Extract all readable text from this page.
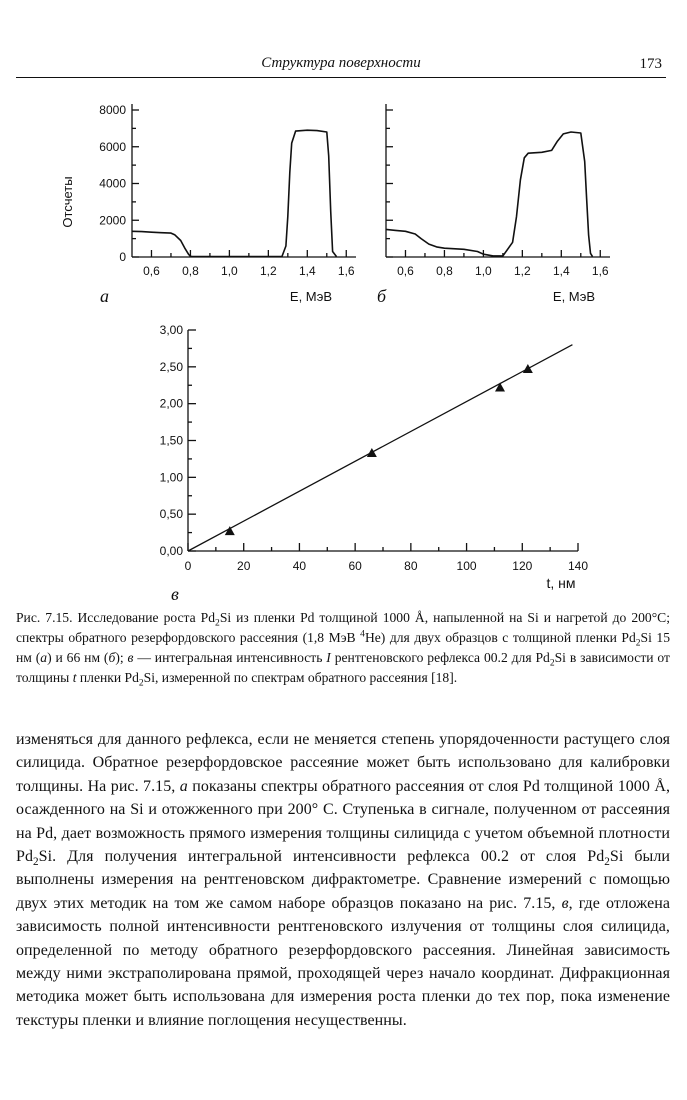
Структура поверхности	173
Отсчеты
0
2000
4000
6000
8000
0,6 0,8 1,0 1,2 1,4 1,6
E, МэВ
а
0,6 0,8 1,0 1,2 1,4 1,6
E, МэВ
б
0	20	40	60	80	100	120	140
0,00
0,50
1,00
1,50
2,00
2,50
3,00
t, нм
в
Рис. 7.15. Исследование роста $Pd_2Si$ из пленки Pd толщиной 1000 Å, напыленной на Si и нагретой до 200°С; спектры обратного резерфордовского рассеяния (1,8 МэВ $^4$He) для двух образцов с толщиной пленки $Pd_2Si$ 15 нм (а) и 66 нм (б); в — интегральная интенсивность I рентгеновского рефлекса 00.2 для $Pd_2Si$ в зависимости от толщины t пленки $Pd_2Si$, измеренной по спектрам обратного рассеяния [18].

изменяться для данного рефлекса, если не меняется степень упорядоченности растущего слоя силицида. Обратное резерфордовское рассеяние может быть использовано для калибровки толщины. На рис. 7.15, а показаны спектры обратного рассеяния от слоя Pd толщиной 1000 Å, осажденного на Si и отожженного при 200° С. Ступенька в сигнале, полученном от рассеяния на Pd, дает возможность прямого измерения толщины силицида с учетом объемной плотности $Pd_2Si$. Для получения интегральной интенсивности рефлекса 00.2 от слоя $Pd_2Si$ были выполнены измерения на рентгеновском дифрактометре. Сравнение измерений с помощью двух этих методик на том же самом наборе образцов показано на рис. 7.15, в, где отложена зависимость полной интенсивности рентгеновского излучения от толщины слоя силицида, определенной по методу обратного резерфордовского рассеяния. Линейная зависимость между ними экстраполирована прямой, проходящей через начало координат. Дифракционная методика может быть использована для измерения роста пленки до тех пор, пока изменение текстуры пленки и влияние поглощения несущественны.
